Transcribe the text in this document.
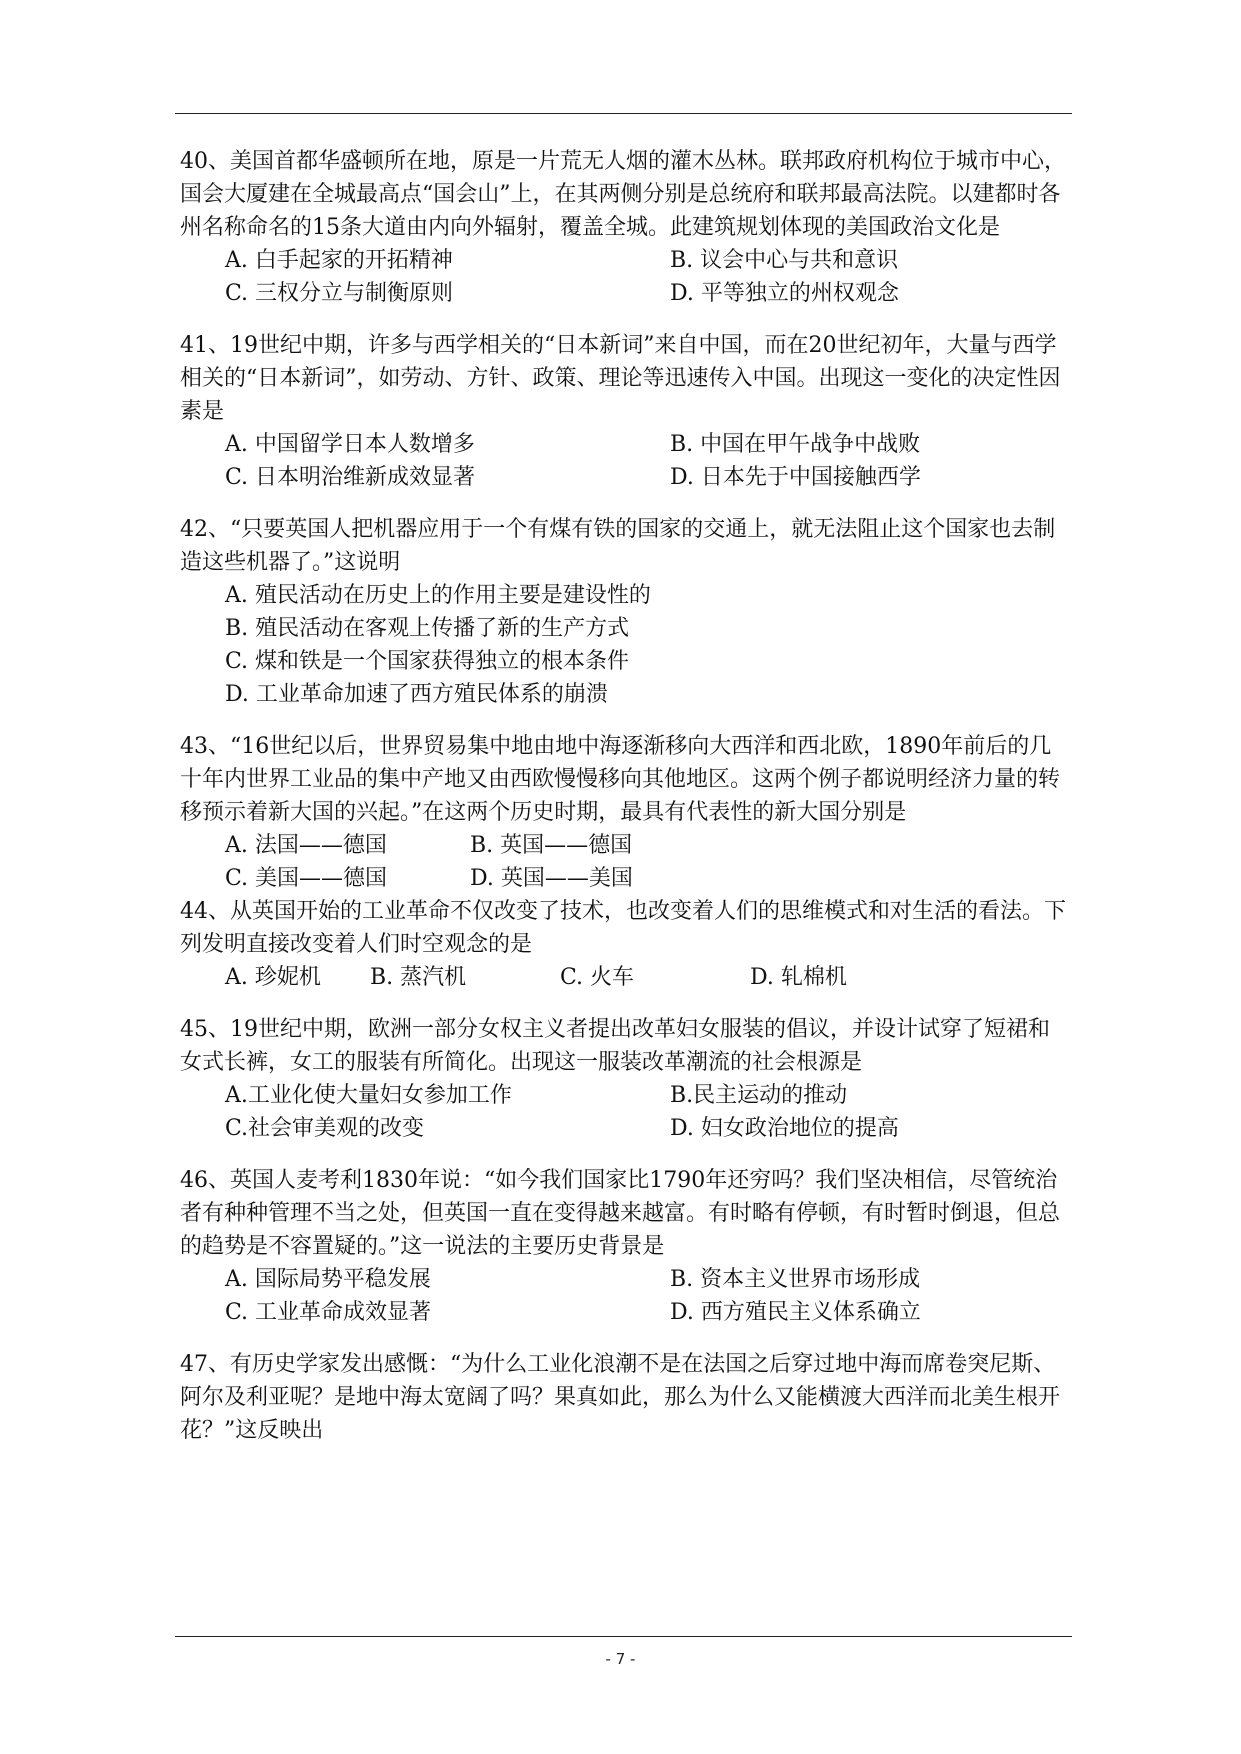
40、美国首都华盛顿所在地，原是一片荒无人烟的灌木丛林。联邦政府机构位于城市中心，国会大厦建在全城最高点“国会山”上，在其两侧分别是总统府和联邦最高法院。以建都时各州名称命名的15条大道由内向外辐射，覆盖全城。此建筑规划体现的美国政治文化是

A. 白手起家的开拓精神	B. 议会中心与共和意识
C. 三权分立与制衡原则	D. 平等独立的州权观念

41、19世纪中期，许多与西学相关的“日本新词”来自中国，而在20世纪初年，大量与西学相关的“日本新词”，如劳动、方针、政策、理论等迅速传入中国。出现这一变化的决定性因素是

A. 中国留学日本人数增多	B. 中国在甲午战争中战败
C. 日本明治维新成效显著	D. 日本先于中国接触西学

42、“只要英国人把机器应用于一个有煤有铁的国家的交通上，就无法阻止这个国家也去制造这些机器了。”这说明

A. 殖民活动在历史上的作用主要是建设性的
B. 殖民活动在客观上传播了新的生产方式
C. 煤和铁是一个国家获得独立的根本条件
D. 工业革命加速了西方殖民体系的崩溃

43、“16世纪以后，世界贸易集中地由地中海逐渐移向大西洋和西北欧，1890年前后的几十年内世界工业品的集中产地又由西欧慢慢移向其他地区。这两个例子都说明经济力量的转移预示着新大国的兴起。”在这两个历史时期，最具有代表性的新大国分别是

A. 法国——德国	B. 英国——德国
C. 美国——德国	D. 英国——美国

44、从英国开始的工业革命不仅改变了技术，也改变着人们的思维模式和对生活的看法。下列发明直接改变着人们时空观念的是

A. 珍妮机	B. 蒸汽机	C. 火车	D. 轧棉机

45、19世纪中期，欧洲一部分女权主义者提出改革妇女服装的倡议，并设计试穿了短裙和女式长裤，女工的服装有所简化。出现这一服装改革潮流的社会根源是

A.工业化使大量妇女参加工作	B.民主运动的推动
C.社会审美观的改变	D. 妇女政治地位的提高

46、英国人麦考利1830年说：“如今我们国家比1790年还穷吗？我们坚决相信，尽管统治者有种种管理不当之处，但英国一直在变得越来越富。有时略有停顿，有时暂时倒退，但总的趋势是不容置疑的。”这一说法的主要历史背景是

A. 国际局势平稳发展	B. 资本主义世界市场形成
C. 工业革命成效显著	D. 西方殖民主义体系确立

47、有历史学家发出感慨：“为什么工业化浪潮不是在法国之后穿过地中海而席卷突尼斯、阿尔及利亚呢？是地中海太宽阔了吗？果真如此，那么为什么又能横渡大西洋而北美生根开花？”这反映出

- 7 -
